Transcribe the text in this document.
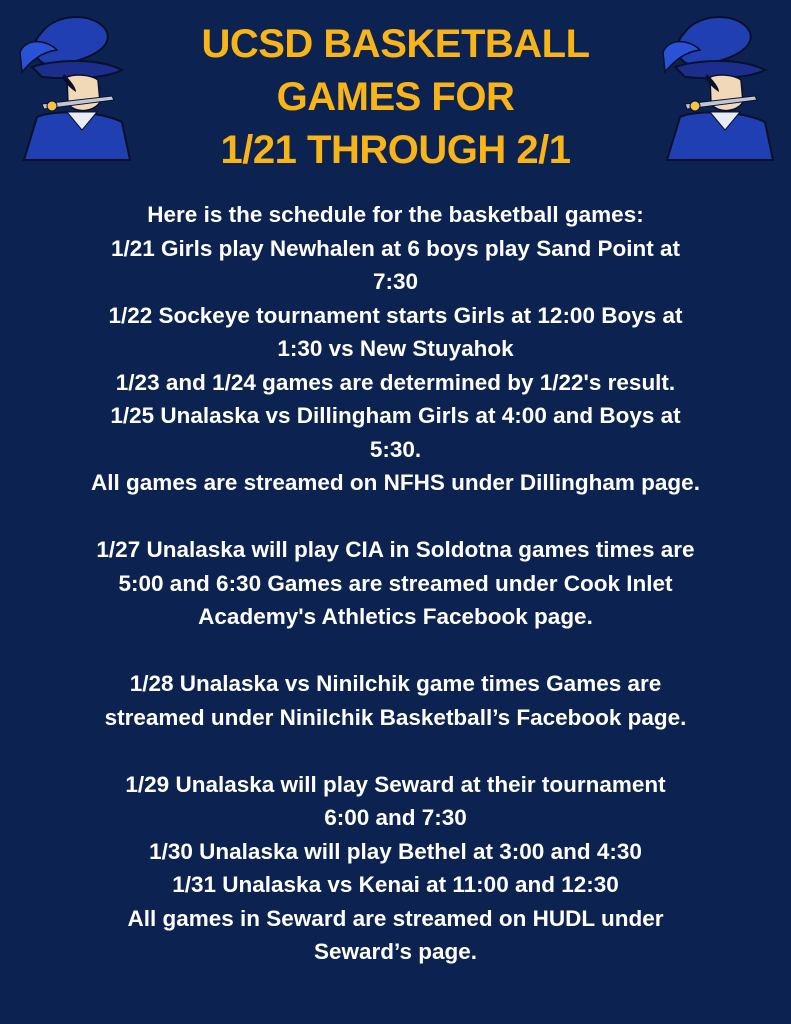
UCSD BASKETBALL
GAMES FOR
1/21 THROUGH 2/1
Here is the schedule for the basketball games:
1/21 Girls play Newhalen at 6 boys play Sand Point at
7:30
1/22 Sockeye tournament starts Girls at 12:00 Boys at
1:30 vs New Stuyahok
1/23 and 1/24 games are determined by 1/22's result.
1/25 Unalaska vs Dillingham Girls at 4:00 and Boys at
5:30.
All games are streamed on NFHS under Dillingham page.
1/27 Unalaska will play CIA in Soldotna games times are
5:00 and 6:30 Games are streamed under Cook Inlet
Academy's Athletics Facebook page.
1/28 Unalaska vs Ninilchik game times Games are
streamed under Ninilchik Basketball’s Facebook page.
1/29 Unalaska will play Seward at their tournament
6:00 and 7:30
1/30 Unalaska will play Bethel at 3:00 and 4:30
1/31 Unalaska vs Kenai at 11:00 and 12:30
All games in Seward are streamed on HUDL under
Seward’s page.
